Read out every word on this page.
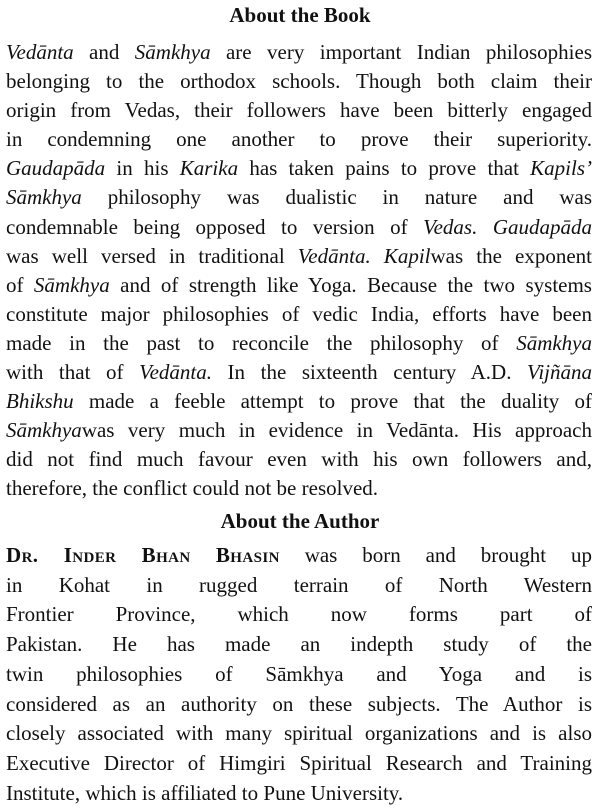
About the Book
Vedānta and Sāmkhya are very important Indian philosophies
belonging to the orthodox schools. Though both claim their
origin from Vedas, their followers have been bitterly engaged
in condemning one another to prove their superiority.
Gaudapāda in his Karika has taken pains to prove that Kapils’
Sāmkhya philosophy was dualistic in nature and was
condemnable being opposed to version of Vedas. Gaudapāda
was well versed in traditional Vedānta. Kapilwas the exponent
of Sāmkhya and of strength like Yoga. Because the two systems
constitute major philosophies of vedic India, efforts have been
made in the past to reconcile the philosophy of Sāmkhya
with that of Vedānta. In the sixteenth century A.D. Vijñāna
Bhikshu made a feeble attempt to prove that the duality of
Sāmkhyawas very much in evidence in Vedānta. His approach
did not find much favour even with his own followers and,
therefore, the conflict could not be resolved.
About the Author
Dr. Inder Bhan Bhasin was born and brought up
in Kohat in rugged terrain of North Western
Frontier Province, which now forms part of
Pakistan. He has made an indepth study of the
twin philosophies of Sāmkhya and Yoga and is
considered as an authority on these subjects. The Author is
closely associated with many spiritual organizations and is also
Executive Director of Himgiri Spiritual Research and Training
Institute, which is affiliated to Pune University.
